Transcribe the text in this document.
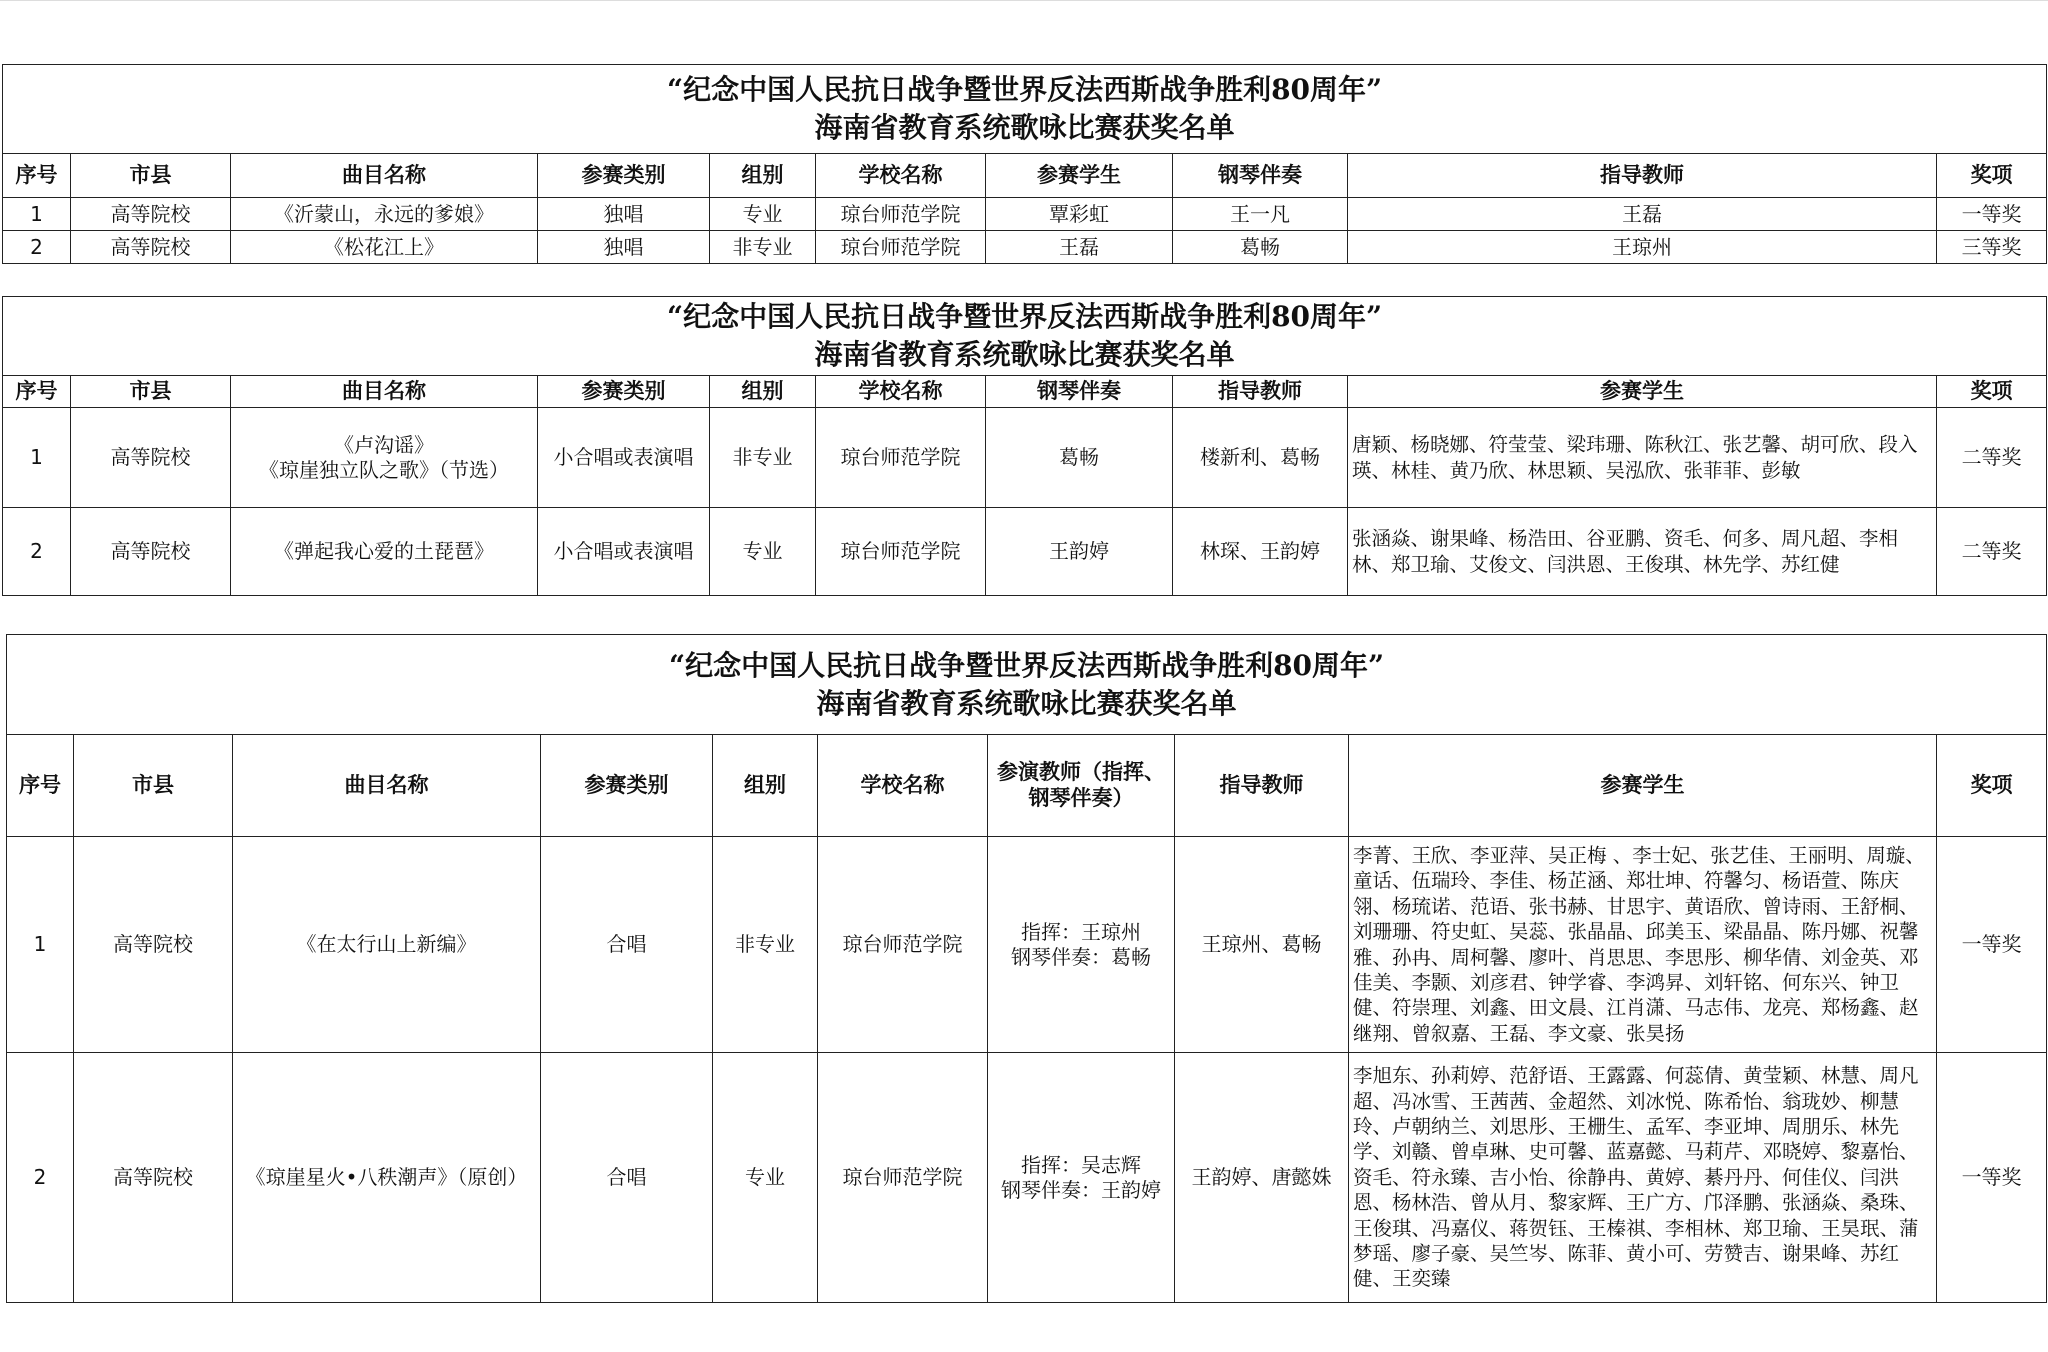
“纪念中国人民抗日战争暨世界反法西斯战争胜利80周年”
海南省教育系统歌咏比赛获奖名单									

序号	市县	曲目名称	参赛类别	组别	学校名称	参赛学生	钢琴伴奏	指导教师	奖项
1	高等院校	《沂蒙山，永远的爹娘》	独唱	专业	琼台师范学院	覃彩虹	王一凡	王磊	一等奖
2	高等院校	《松花江上》	独唱	非专业	琼台师范学院	王磊	葛畅	王琼州	三等奖
“纪念中国人民抗日战争暨世界反法西斯战争胜利80周年”
海南省教育系统歌咏比赛获奖名单									

序号	市县	曲目名称	参赛类别	组别	学校名称	钢琴伴奏	指导教师	参赛学生	奖项
1	高等院校	《卢沟谣》
《琼崖独立队之歌》（节选）	小合唱或表演唱	非专业	琼台师范学院	葛畅	楼新利、葛畅	唐颖、杨晓娜、符莹莹、梁玮珊、陈秋江、张艺馨、胡可欣、段入瑛、林桂、黄乃欣、林思颖、吴泓欣、张菲菲、彭敏	二等奖
2	高等院校	《弹起我心爱的土琵琶》	小合唱或表演唱	专业	琼台师范学院	王韵婷	林琛、王韵婷	张涵焱、谢果峰、杨浩田、谷亚鹏、资毛、何多、周凡超、李相林、郑卫瑜、艾俊文、闫洪恩、王俊琪、林先学、苏红健	二等奖
“纪念中国人民抗日战争暨世界反法西斯战争胜利80周年”
海南省教育系统歌咏比赛获奖名单									

序号	市县	曲目名称	参赛类别	组别	学校名称	参演教师（指挥、钢琴伴奏）	指导教师	参赛学生	奖项
1	高等院校	《在太行山上新编》	合唱	非专业	琼台师范学院	指挥：王琼州
钢琴伴奏：葛畅	王琼州、葛畅	李菁、王欣、李亚萍、吴正梅 、李士妃、张艺佳、王丽明、周璇、童话、伍瑞玲、李佳、杨芷涵、郑壮坤、符馨匀、杨语萱、陈庆翎、杨琉诺、范语、张书赫、甘思宇、黄语欣、曾诗雨、王舒桐、刘珊珊、符史虹、吴蕊、张晶晶、邱美玉、梁晶晶、陈丹娜、祝馨雅、孙冉、周柯馨、廖叶、肖思思、李思彤、柳华倩、刘金英、邓佳美、李颢、刘彦君、钟学睿、李鸿昇、刘轩铭、何东兴、钟卫健、符崇理、刘鑫、田文晨、江肖潇、马志伟、龙亮、郑杨鑫、赵继翔、曾叙嘉、王磊、李文豪、张昊扬	一等奖
2	高等院校	《琼崖星火•八秩潮声》（原创）	合唱	专业	琼台师范学院	指挥：吴志辉
钢琴伴奏：王韵婷	王韵婷、唐懿姝	李旭东、孙莉婷、范舒语、王露露、何蕊倩、黄莹颖、林慧、周凡超、冯冰雪、王茜茜、金超然、刘冰悦、陈希怡、翁珑妙、柳慧玲、卢朝纳兰、刘思彤、王栅生、孟军、李亚坤、周朋乐、林先学、刘赣、曾卓琳、史可馨、蓝嘉懿、马莉芹、邓晓婷、黎嘉怡、资毛、符永臻、吉小怡、徐静冉、黄婷、綦丹丹、何佳仪、闫洪恩、杨林浩、曾从月、黎家辉、王广方、邝泽鹏、张涵焱、桑珠、王俊琪、冯嘉仪、蒋贺钰、王榛祺、李相林、郑卫瑜、王昊珉、蒲梦瑶、廖子豪、吴竺岑、陈菲、黄小可、劳赞吉、谢果峰、苏红健、王奕臻	一等奖
